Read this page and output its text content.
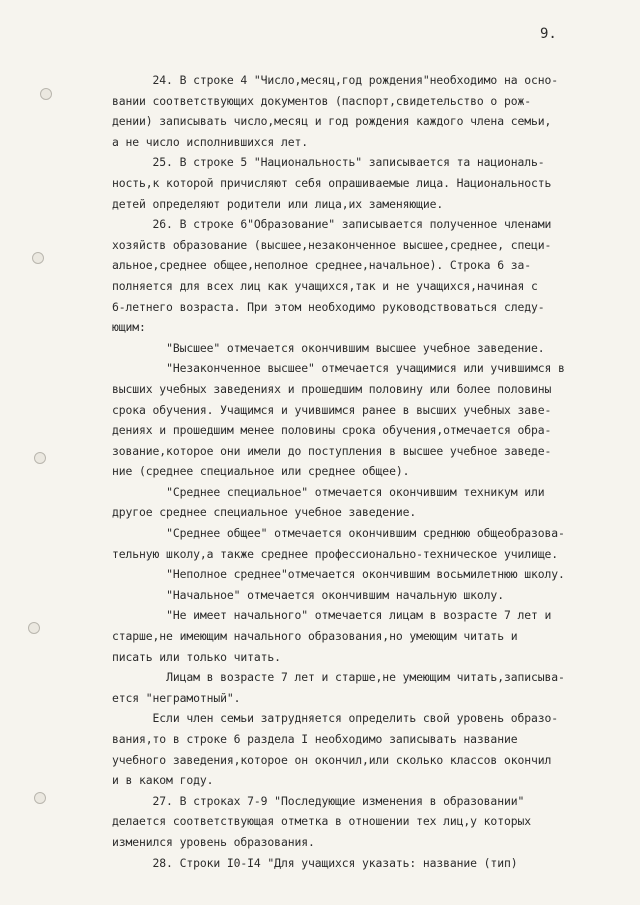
9.

24. В строке 4 "Число,месяц,год рождения"необходимо на осно-

вании соответствующих документов (паспорт,свидетельство о рож-

дении) записывать число,месяц и год рождения каждого члена семьи,

а не число исполнившихся лет.

25. В строке 5 "Национальность" записывается та националь-

ность,к которой причисляют себя опрашиваемые лица. Национальность

детей определяют родители или лица,их заменяющие.

26. В строке 6"Образование" записывается полученное членами

хозяйств образование (высшее,незаконченное высшее,среднее, специ-

альное,среднее общее,неполное среднее,начальное). Строка 6 за-

полняется для всех лиц как учащихся,так и не учащихся,начиная с

6-летнего возраста. При этом необходимо руководствоваться следу-

ющим:

"Высшее" отмечается окончившим высшее учебное заведение.

"Незаконченное высшее" отмечается учащимися или учившимся в

высших учебных заведениях и прошедшим половину или более половины

срока обучения. Учащимся и учившимся ранее в высших учебных заве-

дениях и прошедшим менее половины срока обучения,отмечается обра-

зование,которое они имели до поступления в высшее учебное заведе-

ние (среднее специальное или среднее общее).

"Среднее специальное" отмечается окончившим техникум или

другое среднее специальное учебное заведение.

"Среднее общее" отмечается окончившим среднюю общеобразова-

тельную школу,а также среднее профессионально-техническое училище.

"Неполное среднее"отмечается окончившим восьмилетнюю школу.

"Начальное" отмечается окончившим начальную школу.

"Не имеет начального" отмечается лицам в возрасте 7 лет и

старше,не имеющим начального образования,но умеющим читать и

писать или только читать.

Лицам в возрасте 7 лет и старше,не умеющим читать,записыва-

ется "неграмотный".

Если член семьи затрудняется определить свой уровень образо-

вания,то в строке 6 раздела I необходимо записывать название

учебного заведения,которое он окончил,или сколько классов окончил

и в каком году.

27. В строках 7-9 "Последующие изменения в образовании"

делается соответствующая отметка в отношении тех лиц,у которых

изменился уровень образования.

28. Строки I0-I4 "Для учащихся указать: название (тип)
